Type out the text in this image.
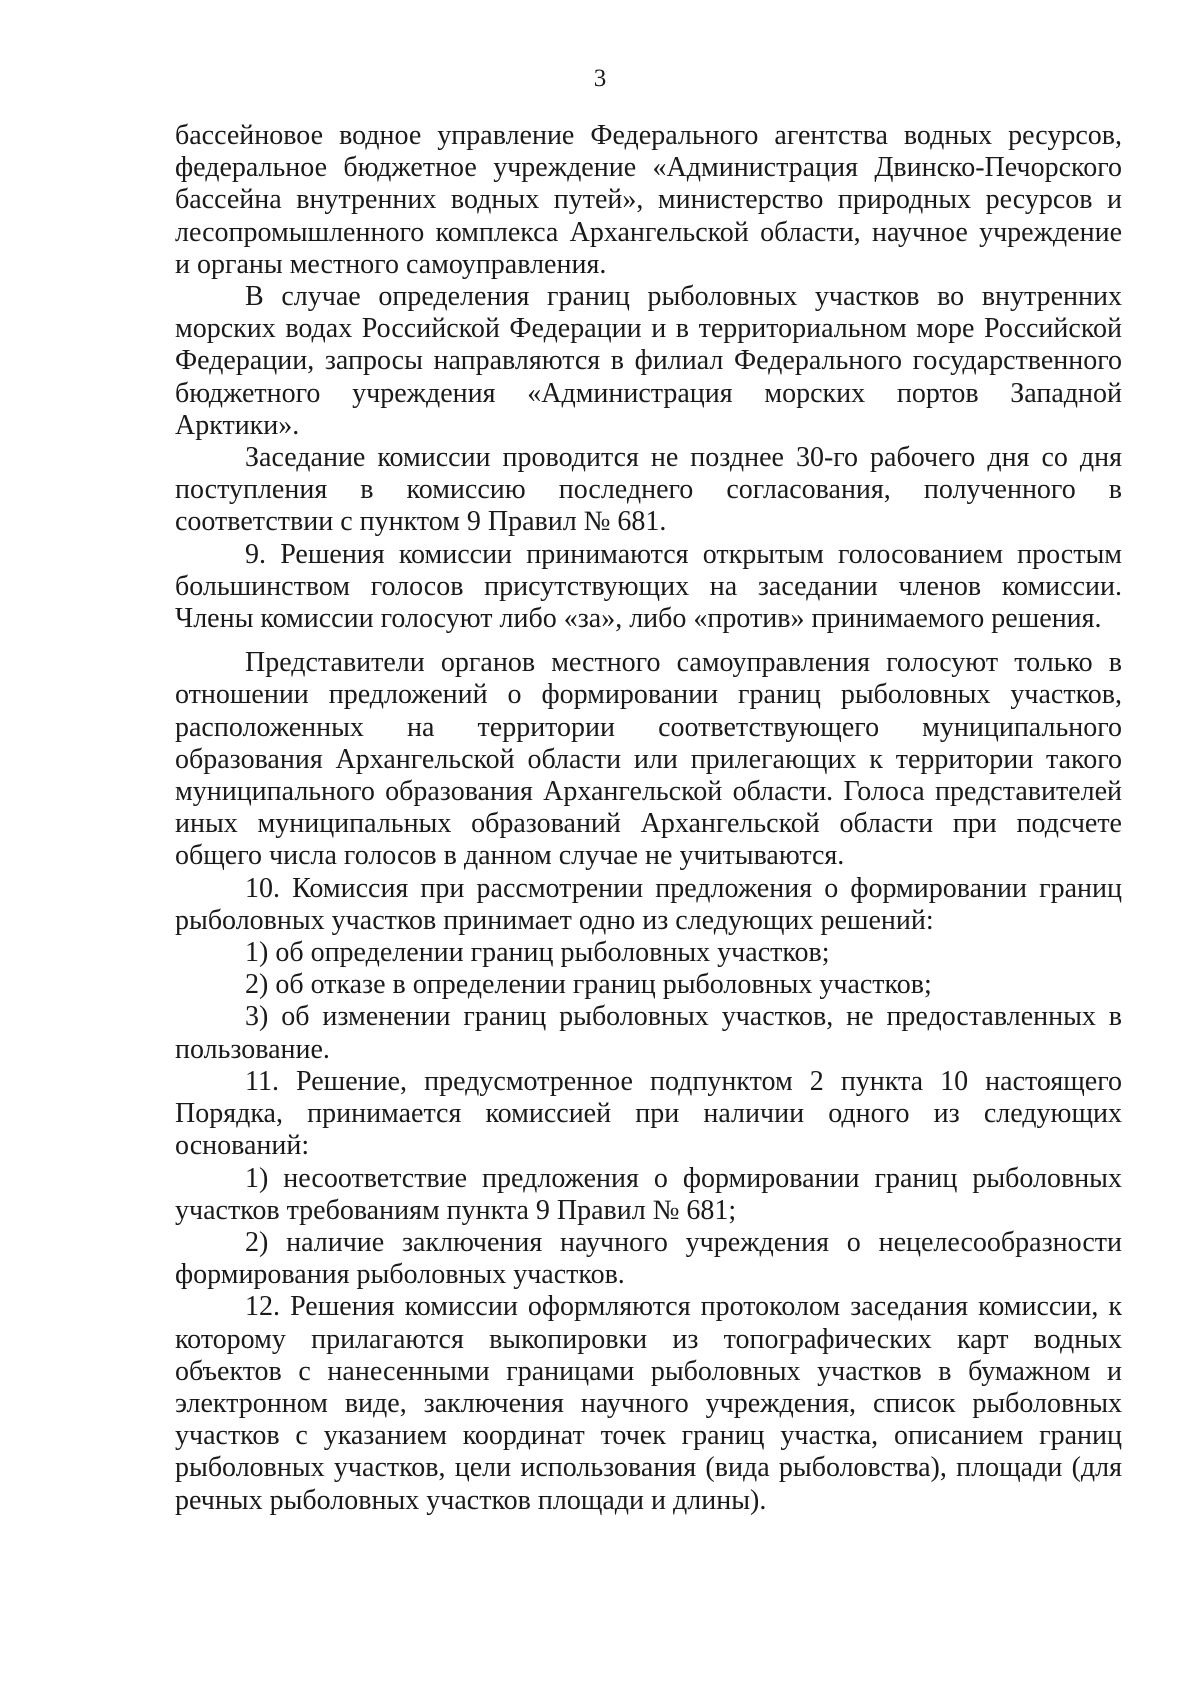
3

бассейновое водное управление Федерального агентства водных ресурсов, федеральное бюджетное учреждение «Администрация Двинско-Печорского бассейна внутренних водных путей», министерство природных ресурсов и лесопромышленного комплекса Архангельской области, научное учреждение и органы местного самоуправления.

В случае определения границ рыболовных участков во внутренних морских водах Российской Федерации и в территориальном море Российской Федерации, запросы направляются в филиал Федерального государственного бюджетного учреждения «Администрация морских портов Западной Арктики».

Заседание комиссии проводится не позднее 30-го рабочего дня со дня поступления в комиссию последнего согласования, полученного в соответствии с пунктом 9 Правил № 681.

9. Решения комиссии принимаются открытым голосованием простым большинством голосов присутствующих на заседании членов комиссии. Члены комиссии голосуют либо «за», либо «против» принимаемого решения.

Представители органов местного самоуправления голосуют только в отношении предложений о формировании границ рыболовных участков, расположенных на территории соответствующего муниципального образования Архангельской области или прилегающих к территории такого муниципального образования Архангельской области. Голоса представителей иных муниципальных образований Архангельской области при подсчете общего числа голосов в данном случае не учитываются.

10. Комиссия при рассмотрении предложения о формировании границ рыболовных участков принимает одно из следующих решений:

1) об определении границ рыболовных участков;

2) об отказе в определении границ рыболовных участков;

3) об изменении границ рыболовных участков, не предоставленных в пользование.

11. Решение, предусмотренное подпунктом 2 пункта 10 настоящего Порядка, принимается комиссией при наличии одного из следующих оснований:

1) несоответствие предложения о формировании границ рыболовных участков требованиям пункта 9 Правил № 681;

2) наличие заключения научного учреждения о нецелесообразности формирования рыболовных участков.

12. Решения комиссии оформляются протоколом заседания комиссии, к которому прилагаются выкопировки из топографических карт водных объектов с нанесенными границами рыболовных участков в бумажном и электронном виде, заключения научного учреждения, список рыболовных участков с указанием координат точек границ участка, описанием границ рыболовных участков, цели использования (вида рыболовства), площади (для речных рыболовных участков площади и длины).
